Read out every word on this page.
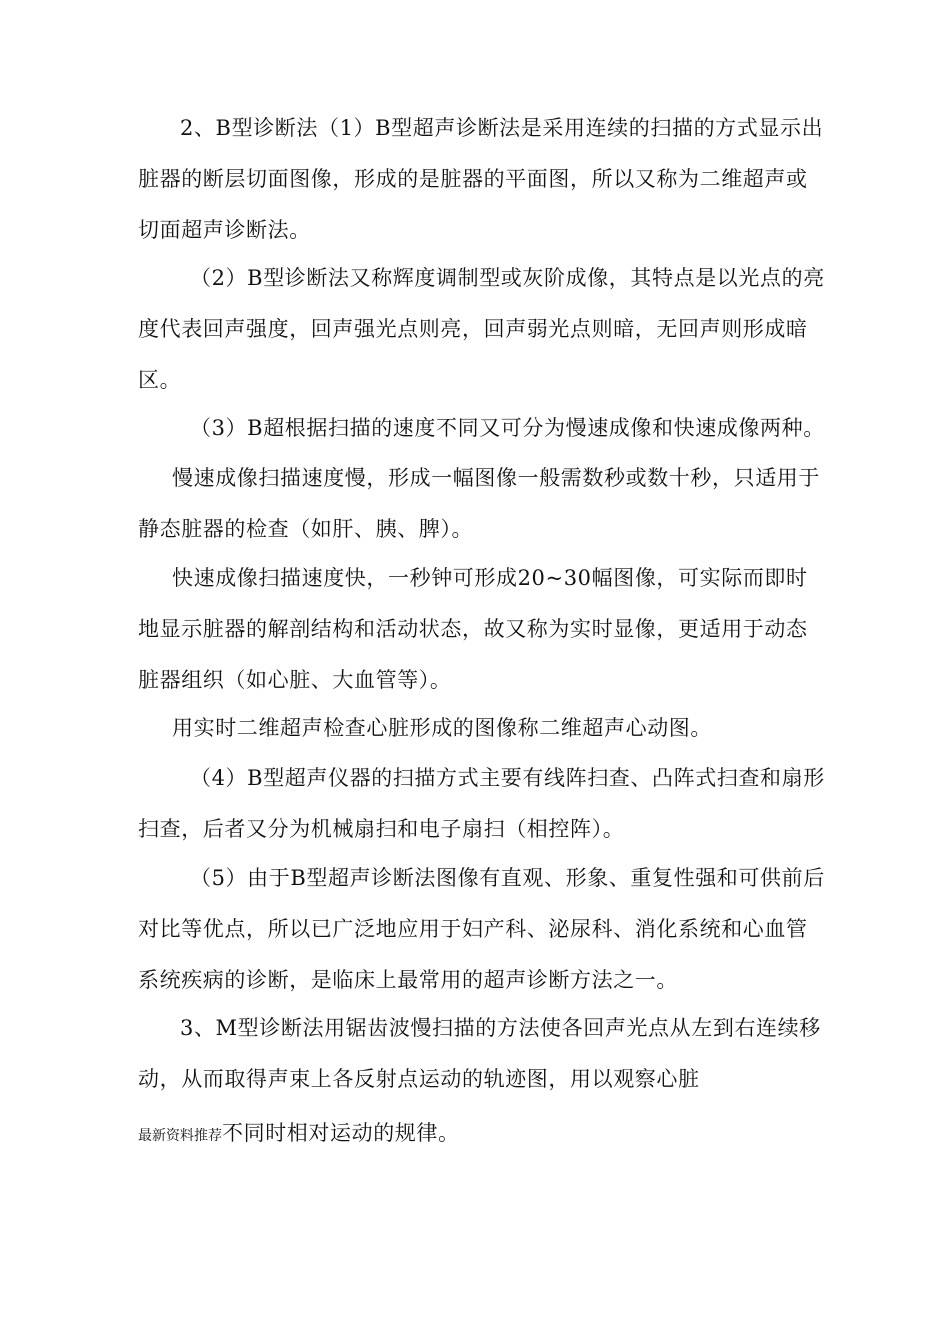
2、B型诊断法（1）B型超声诊断法是采用连续的扫描的方式显示出脏器的断层切面图像，形成的是脏器的平面图，所以又称为二维超声或切面超声诊断法。

（2）B型诊断法又称辉度调制型或灰阶成像，其特点是以光点的亮度代表回声强度，回声强光点则亮，回声弱光点则暗，无回声则形成暗区。

（3）B超根据扫描的速度不同又可分为慢速成像和快速成像两种。

慢速成像扫描速度慢，形成一幅图像一般需数秒或数十秒，只适用于静态脏器的检查（如肝、胰、脾）。

快速成像扫描速度快，一秒钟可形成20~30幅图像，可实际而即时地显示脏器的解剖结构和活动状态，故又称为实时显像，更适用于动态脏器组织（如心脏、大血管等）。

用实时二维超声检查心脏形成的图像称二维超声心动图。

（4）B型超声仪器的扫描方式主要有线阵扫查、凸阵式扫查和扇形扫查，后者又分为机械扇扫和电子扇扫（相控阵）。

（5）由于B型超声诊断法图像有直观、形象、重复性强和可供前后对比等优点，所以已广泛地应用于妇产科、泌尿科、消化系统和心血管系统疾病的诊断，是临床上最常用的超声诊断方法之一。

3、M型诊断法用锯齿波慢扫描的方法使各回声光点从左到右连续移动，从而取得声束上各反射点运动的轨迹图，用以观察心脏

最新资料推荐不同时相对运动的规律。
